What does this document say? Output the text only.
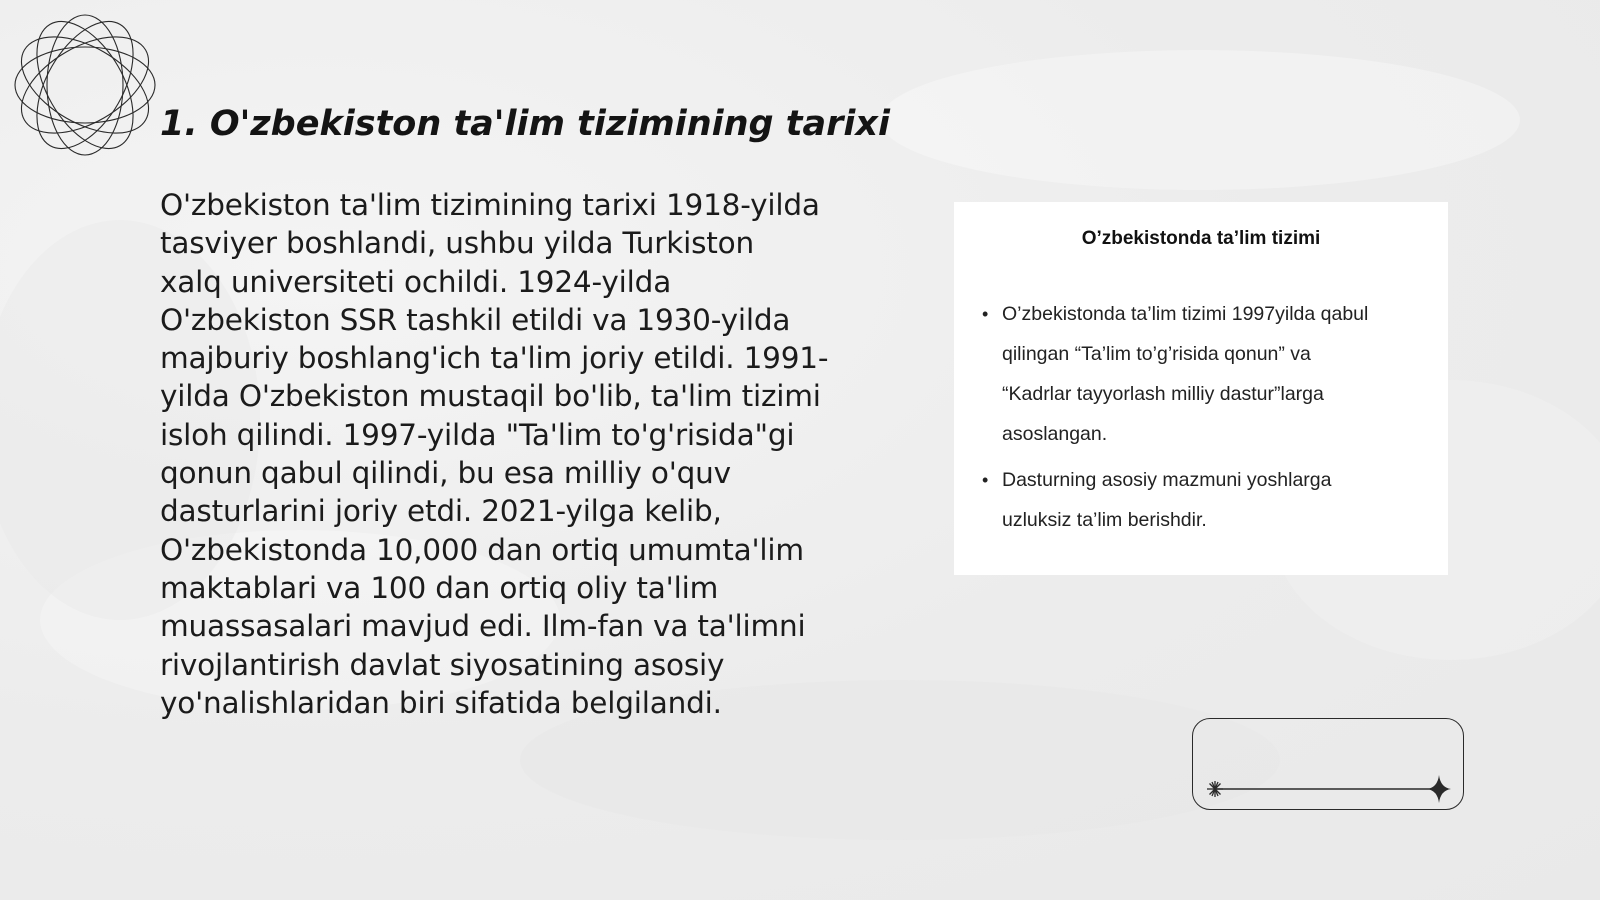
1. O'zbekiston ta'lim tizimining tarixi
O'zbekiston ta'lim tizimining tarixi 1918-yilda
tasviyer boshlandi, ushbu yilda Turkiston
xalq universiteti ochildi. 1924-yilda
O'zbekiston SSR tashkil etildi va 1930-yilda
majburiy boshlang'ich ta'lim joriy etildi. 1991-
yilda O'zbekiston mustaqil bo'lib, ta'lim tizimi
isloh qilindi. 1997-yilda "Ta'lim to'g'risida"gi
qonun qabul qilindi, bu esa milliy o'quv
dasturlarini joriy etdi. 2021-yilga kelib,
O'zbekistonda 10,000 dan ortiq umumta'lim
maktablari va 100 dan ortiq oliy ta'lim
muassasalari mavjud edi. Ilm-fan va ta'limni
rivojlantirish davlat siyosatining asosiy
yo'nalishlaridan biri sifatida belgilandi.
O’zbekistonda ta’lim tizimi
• O’zbekistonda ta’lim tizimi 1997yilda qabul
qilingan “Ta’lim to’g’risida qonun” va
“Kadrlar tayyorlash milliy dastur”larga
asoslangan.
• Dasturning asosiy mazmuni yoshlarga
uzluksiz ta’lim berishdir.
